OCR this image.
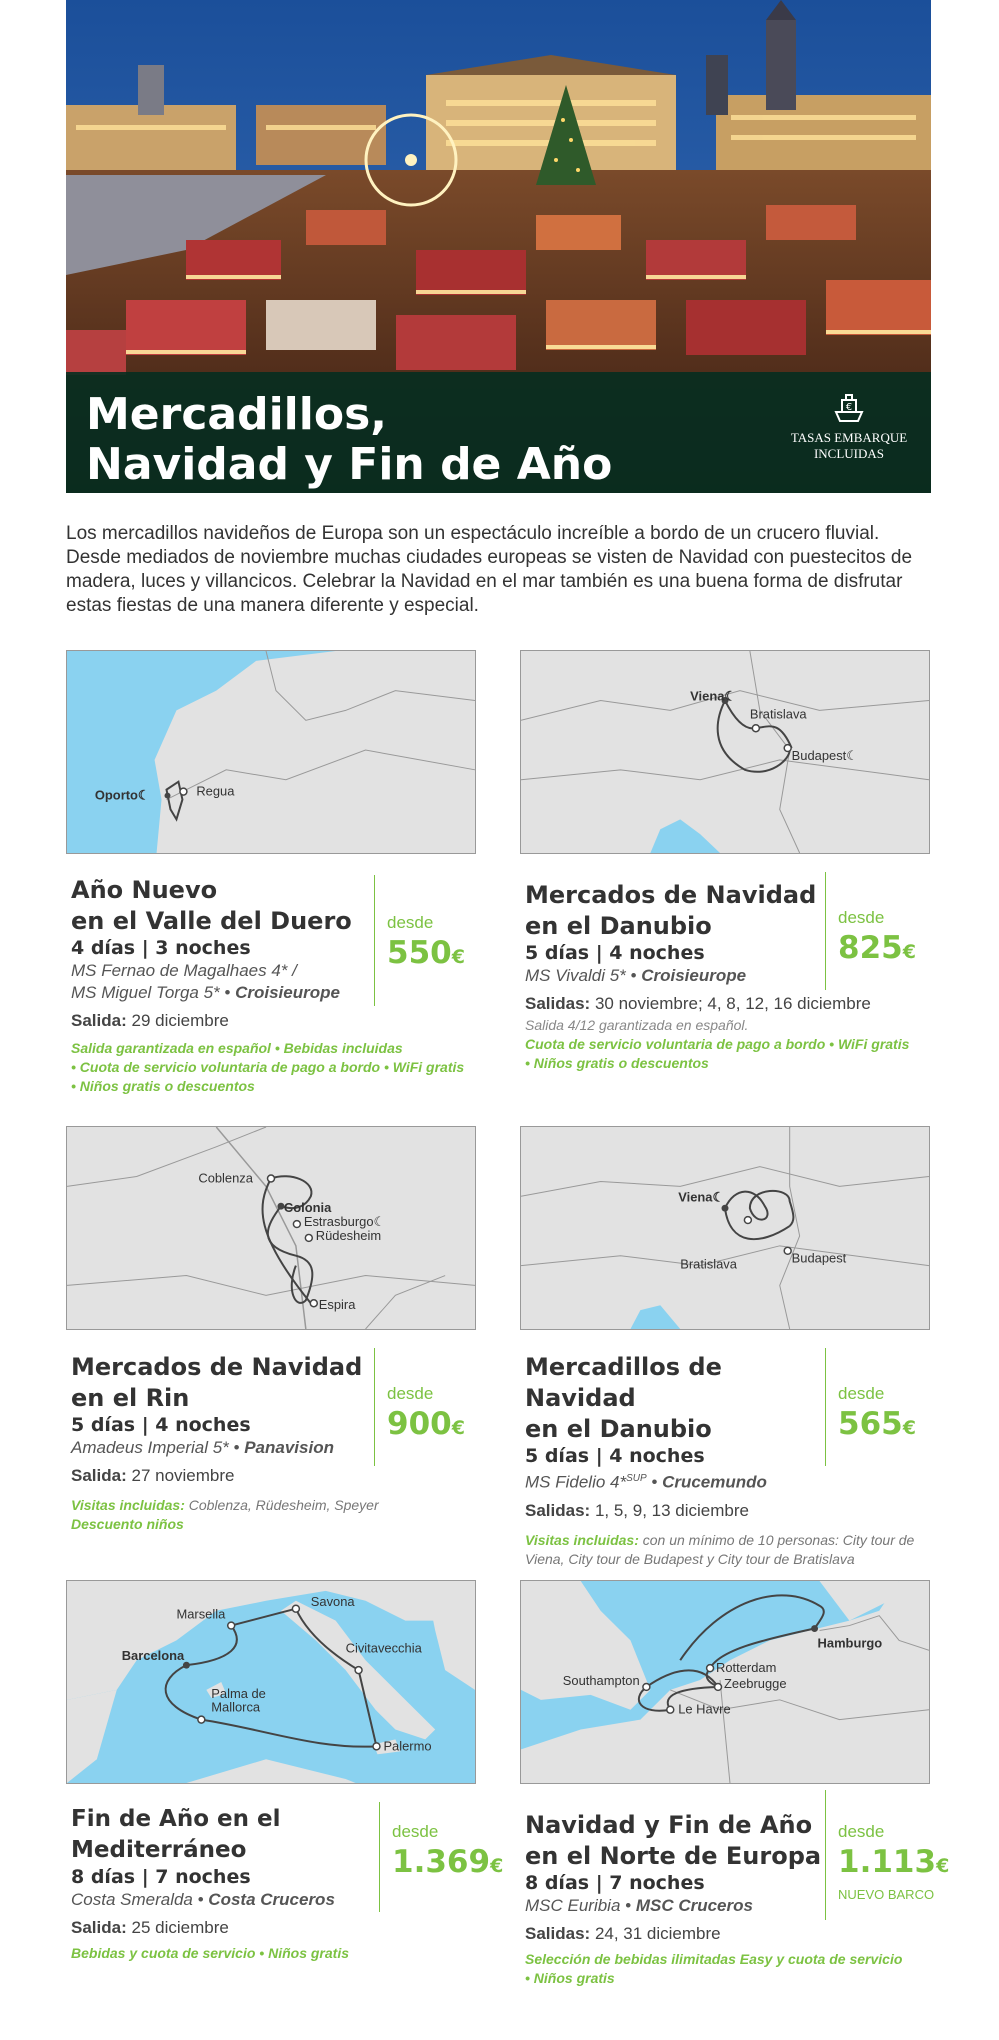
Mercadillos,
Navidad y Fin de Año
€
TASAS EMBARQUE
INCLUIDAS

Los mercadillos navideños de Europa son un espectáculo increíble a bordo de un crucero fluvial. Desde mediados de noviembre muchas ciudades europeas se visten de Navidad con puestecitos de madera, luces y villancicos. Celebrar la Navidad en el mar también es una buena forma de disfrutar estas fiestas de una manera diferente y especial.

Oporto☾	Regua
Año Nuevo
en el Valle del Duero
4 días | 3 noches
MS Fernao de Magalhaes 4* /
MS Miguel Torga 5* • Croisieurope
Salida: 29 diciembre
Salida garantizada en español • Bebidas incluidas
• Cuota de servicio voluntaria de pago a bordo • WiFi gratis
• Niños gratis o descuentos
desde
550€
Viena☾
Bratislava
Budapest☾
Mercados de Navidad
en el Danubio
5 días | 4 noches
MS Vivaldi 5* • Croisieurope
Salidas: 30 noviembre; 4, 8, 12, 16 diciembre
Salida 4/12 garantizada en español.
Cuota de servicio voluntaria de pago a bordo • WiFi gratis
• Niños gratis o descuentos
desde
825€
Coblenza
Colonia
Estrasburgo☾
Rüdesheim
Espira
Mercados de Navidad
en el Rin
5 días | 4 noches
Amadeus Imperial 5* • Panavision
Salida: 27 noviembre
Visitas incluidas: Coblenza, Rüdesheim, Speyer
Descuento niños
desde
900€
Viena☾
Bratislava	Budapest
Mercadillos de Navidad
en el Danubio
5 días | 4 noches
MS Fidelio 4*$^{SUP}$ • Crucemundo
Salidas: 1, 5, 9, 13 diciembre
Visitas incluidas: con un mínimo de 10 personas: City tour de Viena, City tour de Budapest y City tour de Bratislava
desde
565€
Marsella
Savona
Barcelona
Civitavecchia
Palma de
Mallorca
Palermo
Fin de Año en el Mediterráneo
8 días | 7 noches
Costa Smeralda • Costa Cruceros
Salida: 25 diciembre
Bebidas y cuota de servicio • Niños gratis
desde
1.369€
Hamburgo
Rotterdam
Southampton	Zeebrugge
Le Havre
Navidad y Fin de Año
en el Norte de Europa
8 días | 7 noches
MSC Euribia • MSC Cruceros
Salidas: 24, 31 diciembre
Selección de bebidas ilimitadas Easy y cuota de servicio
• Niños gratis
desde
1.113€
NUEVO BARCO
